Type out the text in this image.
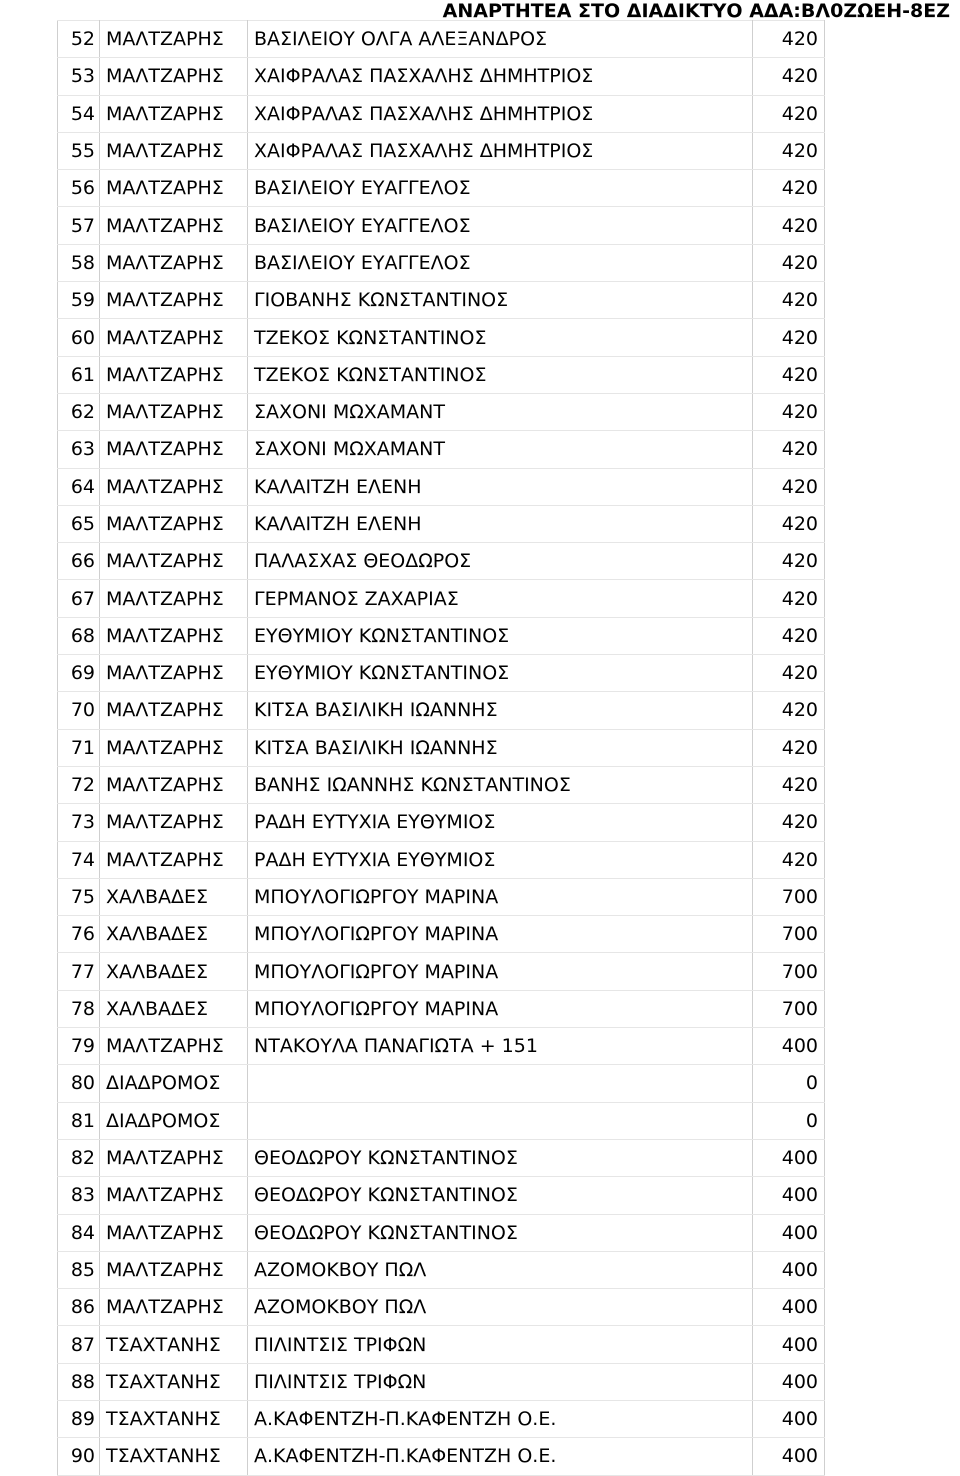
ΑΝΑΡΤΗΤΕΑ ΣΤΟ ΔΙΑΔΙΚΤΥΟ ΑΔΑ:ΒΛ0ΖΩΕΗ-8ΕΖ
52	ΜΑΛΤΖΑΡΗΣ	ΒΑΣΙΛΕΙΟΥ ΟΛΓΑ ΑΛΕΞΑΝΔΡΟΣ	420
53	ΜΑΛΤΖΑΡΗΣ	ΧΑΙΦΡΑΛΑΣ ΠΑΣΧΑΛΗΣ ΔΗΜΗΤΡΙΟΣ	420
54	ΜΑΛΤΖΑΡΗΣ	ΧΑΙΦΡΑΛΑΣ ΠΑΣΧΑΛΗΣ ΔΗΜΗΤΡΙΟΣ	420
55	ΜΑΛΤΖΑΡΗΣ	ΧΑΙΦΡΑΛΑΣ ΠΑΣΧΑΛΗΣ ΔΗΜΗΤΡΙΟΣ	420
56	ΜΑΛΤΖΑΡΗΣ	ΒΑΣΙΛΕΙΟΥ ΕΥΑΓΓΕΛΟΣ	420
57	ΜΑΛΤΖΑΡΗΣ	ΒΑΣΙΛΕΙΟΥ ΕΥΑΓΓΕΛΟΣ	420
58	ΜΑΛΤΖΑΡΗΣ	ΒΑΣΙΛΕΙΟΥ ΕΥΑΓΓΕΛΟΣ	420
59	ΜΑΛΤΖΑΡΗΣ	ΓΙΟΒΑΝΗΣ ΚΩΝΣΤΑΝΤΙΝΟΣ	420
60	ΜΑΛΤΖΑΡΗΣ	ΤΖΕΚΟΣ ΚΩΝΣΤΑΝΤΙΝΟΣ	420
61	ΜΑΛΤΖΑΡΗΣ	ΤΖΕΚΟΣ ΚΩΝΣΤΑΝΤΙΝΟΣ	420
62	ΜΑΛΤΖΑΡΗΣ	ΣΑΧΟΝΙ ΜΩΧΑΜΑΝΤ	420
63	ΜΑΛΤΖΑΡΗΣ	ΣΑΧΟΝΙ ΜΩΧΑΜΑΝΤ	420
64	ΜΑΛΤΖΑΡΗΣ	ΚΑΛΑΙΤΖΗ ΕΛΕΝΗ	420
65	ΜΑΛΤΖΑΡΗΣ	ΚΑΛΑΙΤΖΗ ΕΛΕΝΗ	420
66	ΜΑΛΤΖΑΡΗΣ	ΠΑΛΑΣΧΑΣ ΘΕΟΔΩΡΟΣ	420
67	ΜΑΛΤΖΑΡΗΣ	ΓΕΡΜΑΝΟΣ ΖΑΧΑΡΙΑΣ	420
68	ΜΑΛΤΖΑΡΗΣ	ΕΥΘΥΜΙΟΥ ΚΩΝΣΤΑΝΤΙΝΟΣ	420
69	ΜΑΛΤΖΑΡΗΣ	ΕΥΘΥΜΙΟΥ ΚΩΝΣΤΑΝΤΙΝΟΣ	420
70	ΜΑΛΤΖΑΡΗΣ	ΚΙΤΣΑ ΒΑΣΙΛΙΚΗ ΙΩΑΝΝΗΣ	420
71	ΜΑΛΤΖΑΡΗΣ	ΚΙΤΣΑ ΒΑΣΙΛΙΚΗ ΙΩΑΝΝΗΣ	420
72	ΜΑΛΤΖΑΡΗΣ	ΒΑΝΗΣ ΙΩΑΝΝΗΣ ΚΩΝΣΤΑΝΤΙΝΟΣ	420
73	ΜΑΛΤΖΑΡΗΣ	ΡΑΔΗ ΕΥΤΥΧΙΑ ΕΥΘΥΜΙΟΣ	420
74	ΜΑΛΤΖΑΡΗΣ	ΡΑΔΗ ΕΥΤΥΧΙΑ ΕΥΘΥΜΙΟΣ	420
75	ΧΑΛΒΑΔΕΣ	ΜΠΟΥΛΟΓΙΩΡΓΟΥ ΜΑΡΙΝΑ	700
76	ΧΑΛΒΑΔΕΣ	ΜΠΟΥΛΟΓΙΩΡΓΟΥ ΜΑΡΙΝΑ	700
77	ΧΑΛΒΑΔΕΣ	ΜΠΟΥΛΟΓΙΩΡΓΟΥ ΜΑΡΙΝΑ	700
78	ΧΑΛΒΑΔΕΣ	ΜΠΟΥΛΟΓΙΩΡΓΟΥ ΜΑΡΙΝΑ	700
79	ΜΑΛΤΖΑΡΗΣ	ΝΤΑΚΟΥΛΑ ΠΑΝΑΓΙΩΤΑ + 151	400
80	ΔΙΑΔΡΟΜΟΣ		0
81	ΔΙΑΔΡΟΜΟΣ		0
82	ΜΑΛΤΖΑΡΗΣ	ΘΕΟΔΩΡΟΥ ΚΩΝΣΤΑΝΤΙΝΟΣ	400
83	ΜΑΛΤΖΑΡΗΣ	ΘΕΟΔΩΡΟΥ ΚΩΝΣΤΑΝΤΙΝΟΣ	400
84	ΜΑΛΤΖΑΡΗΣ	ΘΕΟΔΩΡΟΥ ΚΩΝΣΤΑΝΤΙΝΟΣ	400
85	ΜΑΛΤΖΑΡΗΣ	ΑΖΟΜΟΚΒΟΥ ΠΩΛ	400
86	ΜΑΛΤΖΑΡΗΣ	ΑΖΟΜΟΚΒΟΥ ΠΩΛ	400
87	ΤΣΑΧΤΑΝΗΣ	ΠΙΛΙΝΤΣΙΣ ΤΡΙΦΩΝ	400
88	ΤΣΑΧΤΑΝΗΣ	ΠΙΛΙΝΤΣΙΣ ΤΡΙΦΩΝ	400
89	ΤΣΑΧΤΑΝΗΣ	Α.ΚΑΦΕΝΤΖΗ-Π.ΚΑΦΕΝΤΖΗ Ο.Ε.	400
90	ΤΣΑΧΤΑΝΗΣ	Α.ΚΑΦΕΝΤΖΗ-Π.ΚΑΦΕΝΤΖΗ Ο.Ε.	400
